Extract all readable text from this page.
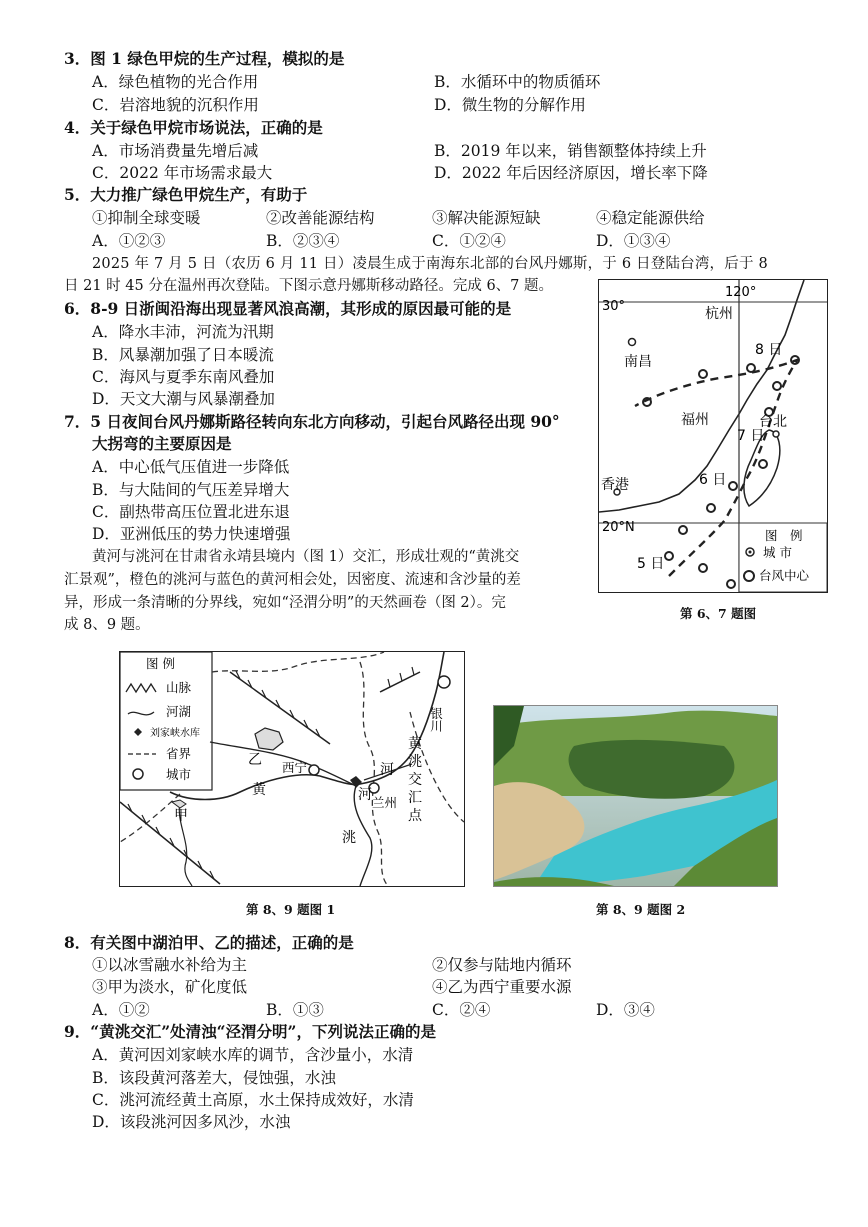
3．图 1 绿色甲烷的生产过程，模拟的是
A．绿色植物的光合作用	B．水循环中的物质循环
C．岩溶地貌的沉积作用	D．微生物的分解作用
4．关于绿色甲烷市场说法，正确的是
A．市场消费量先增后减	B．2019 年以来，销售额整体持续上升
C．2022 年市场需求最大	D．2022 年后因经济原因，增长率下降
5．大力推广绿色甲烷生产，有助于
①抑制全球变暖	②改善能源结构	③解决能源短缺	④稳定能源供给
A．①②③	B．②③④	C．①②④	D．①③④
2025 年 7 月 5 日（农历 6 月 11 日）凌晨生成于南海东北部的台风丹娜斯，于 6 日登陆台湾，后于 8
日 21 时 45 分在温州再次登陆。下图示意丹娜斯移动路径。完成 6、7 题。
6．8-9 日浙闽沿海出现显著风浪高潮，其形成的原因最可能的是
A．降水丰沛，河流为汛期
B．风暴潮加强了日本暖流
C．海风与夏季东南风叠加
D．天文大潮与风暴潮叠加
7．5 日夜间台风丹娜斯路径转向东北方向移动，引起台风路径出现 90°
大拐弯的主要原因是
A．中心低气压值进一步降低
B．与大陆间的气压差异增大
C．副热带高压位置北进东退
D．亚洲低压的势力快速增强
黄河与洮河在甘肃省永靖县境内（图 1）交汇，形成壮观的“黄洮交
汇景观”，橙色的洮河与蓝色的黄河相会处，因密度、流速和含沙量的差
异，形成一条清晰的分界线，宛如“泾渭分明”的天然画卷（图 2）。完
成 8、9 题。
120°
30°
20°N
杭州
南昌
福州	台北
香港
8 日
7 日
6 日
5 日
图　例
城 市
台风中心
第 6、7 题图
图 例
山脉
河湖
刘家峡水库
省界
城市
乙
甲
西宁
兰州
银川
黄
河
洮
河
黄
洮
交
汇
点
第 8、9 题图 1	第 8、9 题图 2
8．有关图中湖泊甲、乙的描述，正确的是
①以冰雪融水补给为主	②仅参与陆地内循环
③甲为淡水，矿化度低	④乙为西宁重要水源
A．①②	B．①③	C．②④	D．③④
9．“黄洮交汇”处清浊“泾渭分明”，下列说法正确的是
A．黄河因刘家峡水库的调节，含沙量小，水清
B．该段黄河落差大，侵蚀强，水浊
C．洮河流经黄土高原，水土保持成效好，水清
D．该段洮河因多风沙，水浊
